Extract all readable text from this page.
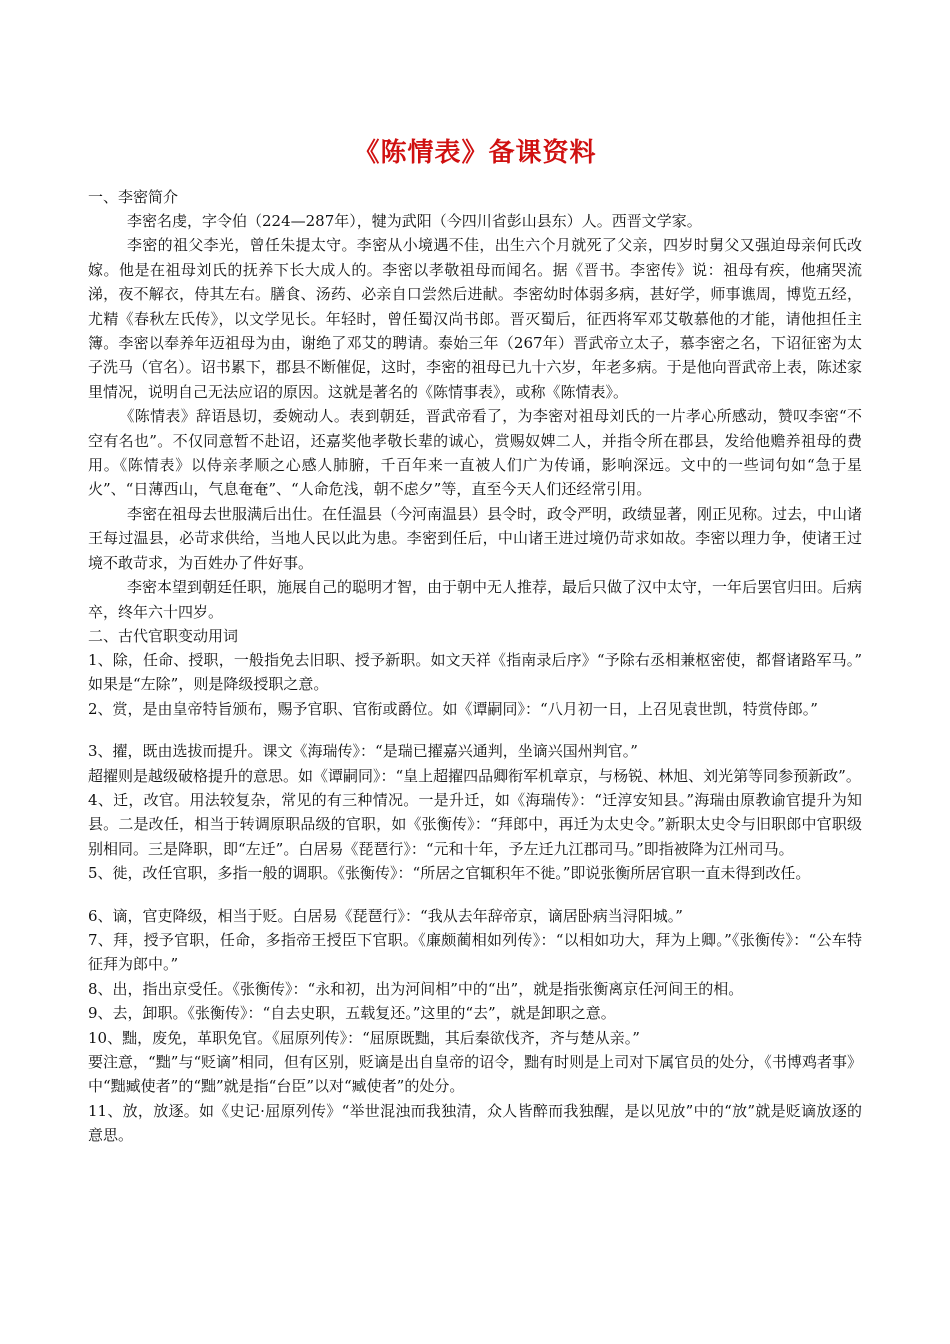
《陈情表》备课资料

一、李密简介

李密名虔，字令伯（224—287年），犍为武阳（今四川省彭山县东）人。西晋文学家。

李密的祖父李光，曾任朱提太守。李密从小境遇不佳，出生六个月就死了父亲，四岁时舅父又强迫母亲何氏改嫁。他是在祖母刘氏的抚养下长大成人的。李密以孝敬祖母而闻名。据《晋书。李密传》说：祖母有疾，他痛哭流涕，夜不解衣，侍其左右。膳食、汤药、必亲自口尝然后进献。李密幼时体弱多病，甚好学，师事谯周，博览五经，尤精《春秋左氏传》，以文学见长。年轻时，曾任蜀汉尚书郎。晋灭蜀后，征西将军邓艾敬慕他的才能，请他担任主簿。李密以奉养年迈祖母为由，谢绝了邓艾的聘请。泰始三年（267年）晋武帝立太子，慕李密之名，下诏征密为太子洗马（官名）。诏书累下，郡县不断催促，这时，李密的祖母已九十六岁，年老多病。于是他向晋武帝上表，陈述家里情况，说明自己无法应诏的原因。这就是著名的《陈情事表》，或称《陈情表》。

《陈情表》辞语恳切，委婉动人。表到朝廷，晋武帝看了，为李密对祖母刘氏的一片孝心所感动，赞叹李密“不空有名也”。不仅同意暂不赴诏，还嘉奖他孝敬长辈的诚心，赏赐奴婢二人，并指令所在郡县，发给他赡养祖母的费用。《陈情表》以侍亲孝顺之心感人肺腑，千百年来一直被人们广为传诵，影响深远。文中的一些词句如“急于星火”、“日薄西山，气息奄奄”、“人命危浅，朝不虑夕”等，直至今天人们还经常引用。

李密在祖母去世服满后出仕。在任温县（今河南温县）县令时，政令严明，政绩显著，刚正见称。过去，中山诸王每过温县，必苛求供给，当地人民以此为患。李密到任后，中山诸王进过境仍苛求如故。李密以理力争，使诸王过境不敢苛求，为百姓办了件好事。

李密本望到朝廷任职，施展自己的聪明才智，由于朝中无人推荐，最后只做了汉中太守，一年后罢官归田。后病卒，终年六十四岁。

二、古代官职变动用词

1、除，任命、授职，一般指免去旧职、授予新职。如文天祥《指南录后序》“予除右丞相兼枢密使，都督诸路军马。” 如果是“左除”，则是降级授职之意。

2、赏，是由皇帝特旨颁布，赐予官职、官衔或爵位。如《谭嗣同》：“八月初一日，上召见袁世凯，特赏侍郎。”

3、擢，既由选拔而提升。课文《海瑞传》：“是瑞已擢嘉兴通判，坐谪兴国州判官。”

超擢则是越级破格提升的意思。如《谭嗣同》：“皇上超擢四品卿衔军机章京，与杨锐、林旭、刘光第等同参预新政”。

4、迁，改官。用法较复杂，常见的有三种情况。一是升迁，如《海瑞传》：“迁淳安知县。”海瑞由原教谕官提升为知县。二是改任，相当于转调原职品级的官职，如《张衡传》：“拜郎中，再迁为太史令。”新职太史令与旧职郎中官职级别相同。三是降职，即“左迁”。白居易《琵琶行》：“元和十年，予左迁九江郡司马。”即指被降为江州司马。

5、徙，改任官职，多指一般的调职。《张衡传》：“所居之官辄积年不徙。”即说张衡所居官职一直未得到改任。

6、谪，官吏降级，相当于贬。白居易《琵琶行》：“我从去年辞帝京，谪居卧病当浔阳城。”

7、拜，授予官职，任命，多指帝王授臣下官职。《廉颇蔺相如列传》：“以相如功大，拜为上卿。”《张衡传》：“公车特征拜为郎中。”

8、出，指出京受任。《张衡传》：“永和初，出为河间相”中的“出”，就是指张衡离京任河间王的相。

9、去，卸职。《张衡传》：“自去史职，五载复还。”这里的“去”，就是卸职之意。

10、黜，废免，革职免官。《屈原列传》：“屈原既黜，其后秦欲伐齐，齐与楚从亲。”

要注意，“黜”与“贬谪”相同，但有区别，贬谪是出自皇帝的诏令，黜有时则是上司对下属官员的处分，《书博鸡者事》中“黜臧使者”的“黜”就是指“台臣”以对“臧使者”的处分。

11、放，放逐。如《史记·屈原列传》“举世混浊而我独清，众人皆醉而我独醒，是以见放”中的“放”就是贬谪放逐的意思。
